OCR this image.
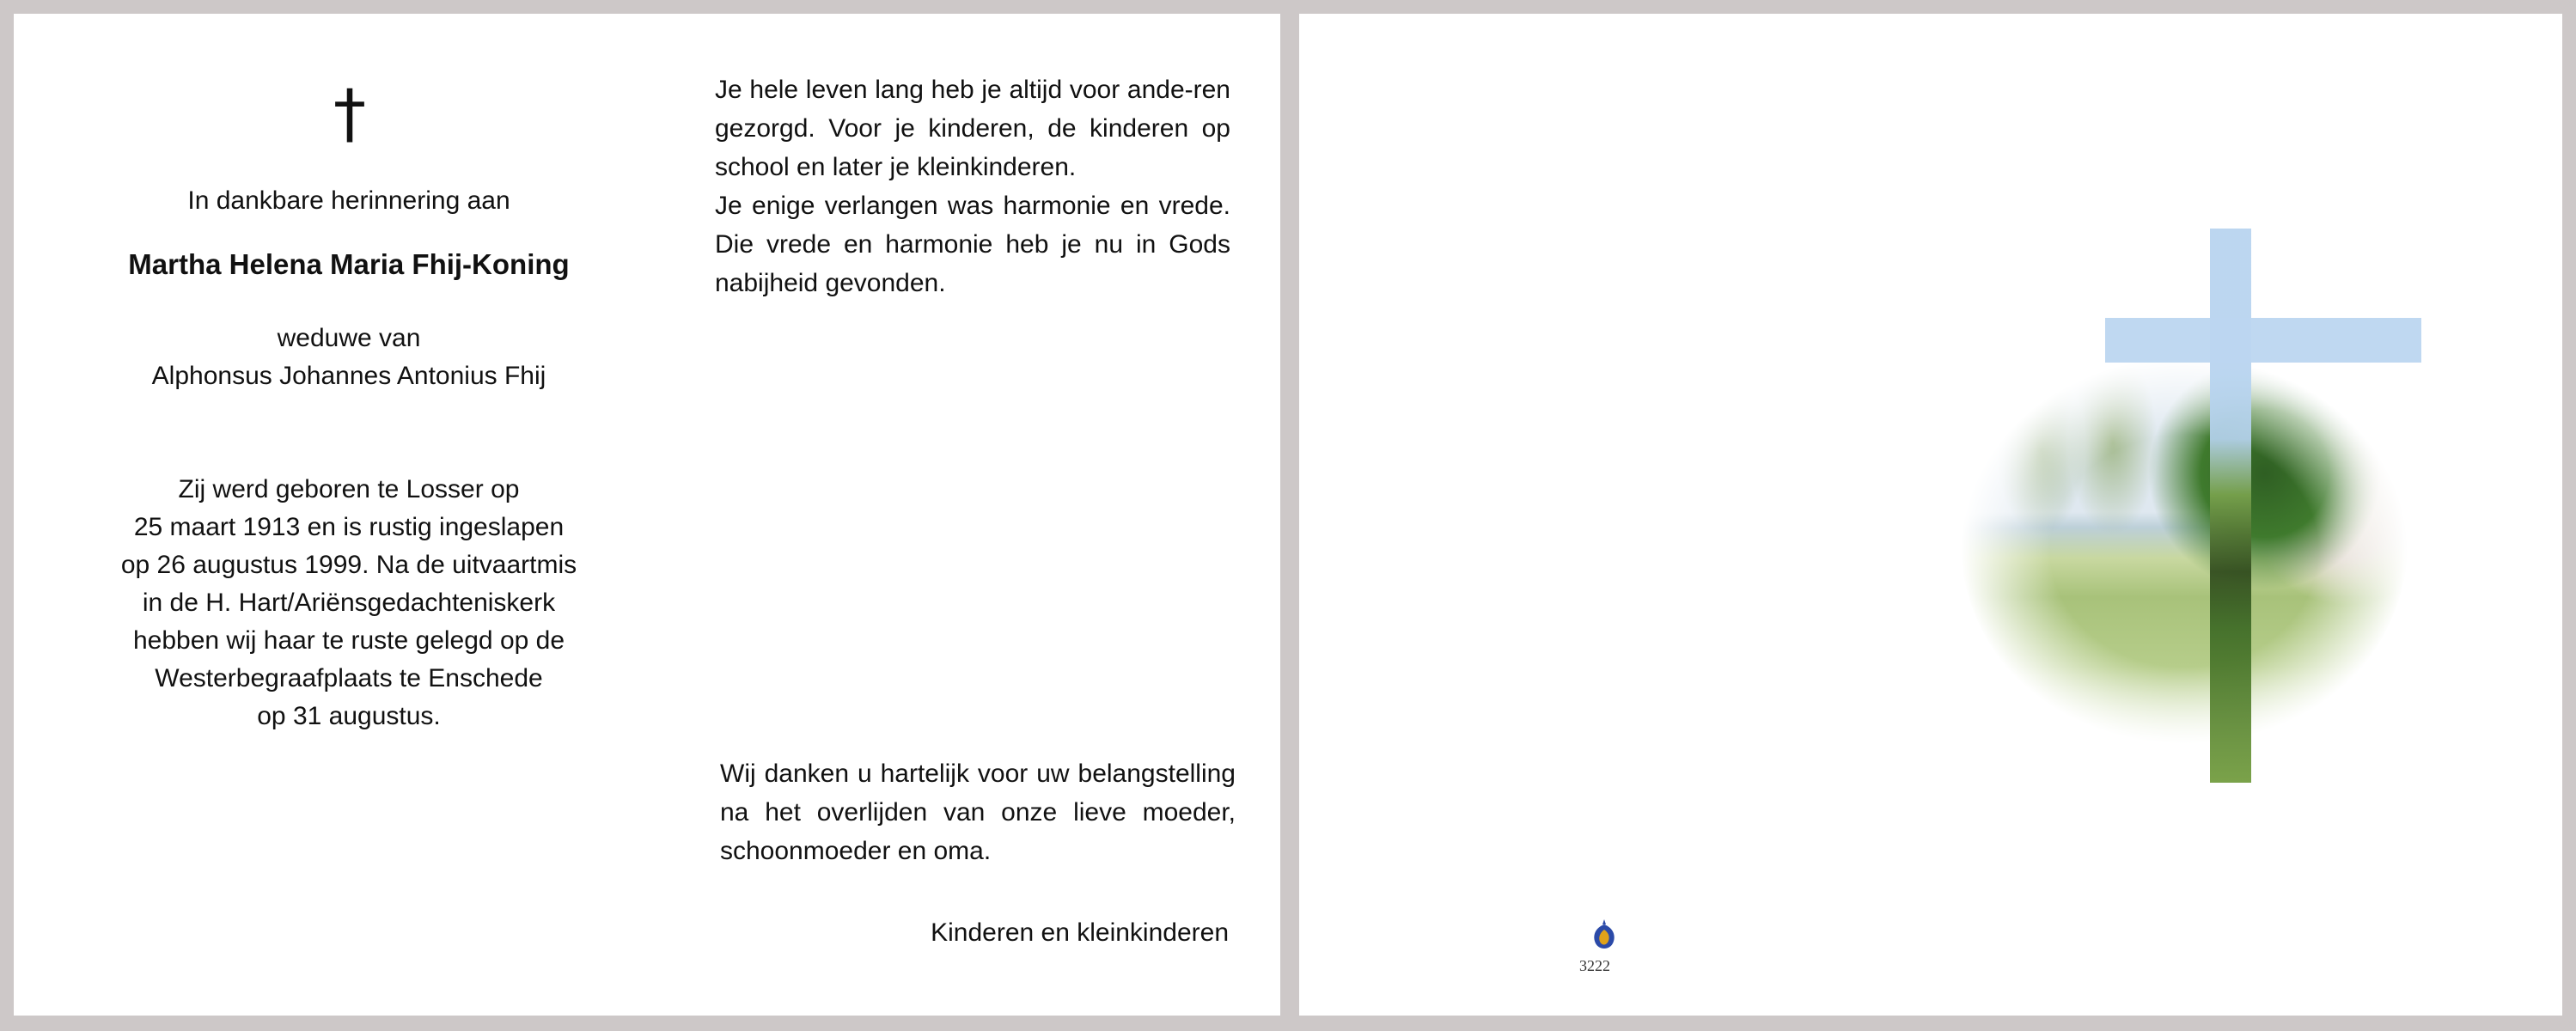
†
In dankbare herinnering aan
Martha Helena Maria Fhij-Koning
weduwe van
Alphonsus Johannes Antonius Fhij
Zij werd geboren te Losser op
25 maart 1913 en is rustig ingeslapen
op 26 augustus 1999. Na de uitvaartmis
in de H. Hart/Ariënsgedachteniskerk
hebben wij haar te ruste gelegd op de
Westerbegraafplaats te Enschede
op 31 augustus.

Je hele leven lang heb je altijd voor ande-ren gezorgd. Voor je kinderen, de kinderen op school en later je kleinkinderen.

Je enige verlangen was harmonie en vrede. Die vrede en harmonie heb je nu in Gods nabijheid gevonden.

Wij danken u hartelijk voor uw belangstelling na het overlijden van onze lieve moeder, schoonmoeder en oma.
Kinderen en kleinkinderen
3222
